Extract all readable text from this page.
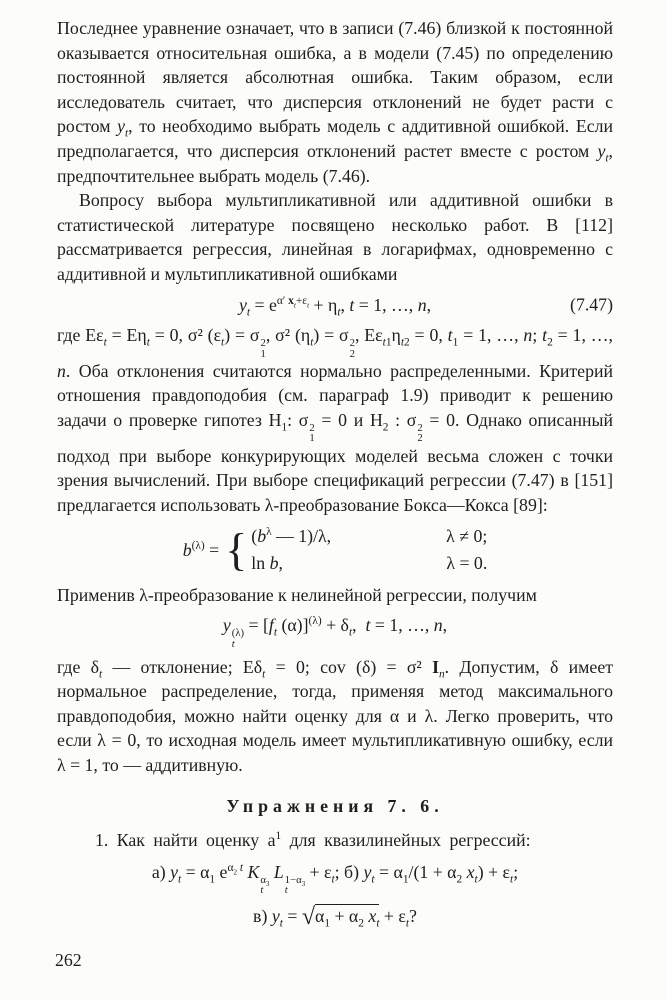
Последнее уравнение означает, что в записи (7.46) близкой к постоянной оказывается относительная ошибка, а в модели (7.45) по определению постоянной является абсолютная ошибка. Таким образом, если исследователь считает, что дисперсия отклонений не будет расти с ростом $y_t$, то необходимо выбрать модель с аддитивной ошибкой. Если предполагается, что дисперсия отклонений растет вместе с ростом $y_t$, предпочтительнее выбрать модель (7.46).

Вопросу выбора мультипликативной или аддитивной ошибки в статистической литературе посвящено несколько работ. В [112] рассматривается регрессия, линейная в логарифмах, одновременно с аддитивной и мультипликативной ошибками

$y_t = e^{\alpha' x_t+\varepsilon_t} + \eta_t$, t = 1, …, n,	(7.47)

где $E\varepsilon_t = E\eta_t = 0$, σ² $(\varepsilon_t) = \sigma$ 2
1
, σ² $(\eta_t) = \sigma$ 2
2
, $E\varepsilon_{t1}\eta_{t2} = 0$, $t_1 = 1$, …, n; $t_2 = 1$, …, n. Оба отклонения считаются нормально распределенными. Критерий отношения правдоподобия (см. параграф 1.9) приводит к решению задачи о проверке гипотез $H_1$: σ 2
1
= 0 и $H_2$ : σ 2
2
= 0. Однако описанный подход при выборе конкурирующих моделей весьма сложен с точки зрения вычислений. При выборе спецификаций регрессии (7.47) в [151] предлагается использовать λ-преобразование Бокса—Кокса [89]:

$b^{(\lambda)}$ = { ($b^\lambda$ — 1)/λ,	λ ≠ 0;
ln b,	λ = 0.

Применив λ-преобразование к нелинейной регрессии, получим

y (λ)
t
= [$f_t$ $(\alpha)]^{(\lambda)} + \delta_t$,  t = 1, …, n,

где $\delta_t$ — отклонение; $E\delta_t = 0$; cov (δ) = σ² $I_n$. Допустим, δ имеет нормальное распределение, тогда, применяя метод максимального правдоподобия, можно найти оценку для α и λ. Легко проверить, что если λ = 0, то исходная модель имеет мультипликативную ошибку, если λ = 1, то — аддитивную.

Упражнения 7. 6.

1. Как найти оценку $a^1$ для квазилинейных регрессий:

а) $y_t = \alpha_1$ $e^{\alpha_2 t}$ K $\alpha_3$
t
L $1-\alpha_3$
t
+ $\varepsilon_t$; б) $y_t = \alpha_1/(1 + \alpha_2$ $x_t) + \varepsilon_t$;
в) $y_t = √\alpha_1 + \alpha_2$ $x_t + \varepsilon_t$?
262
